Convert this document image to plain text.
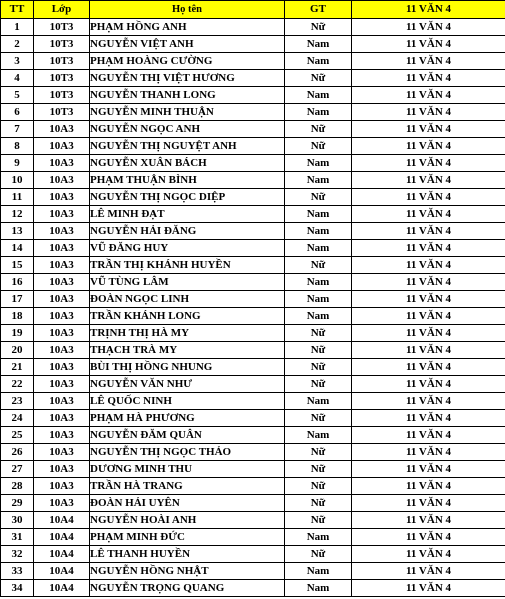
TT	Lớp	Họ tên	GT	11 VĂN 4
1	10T3	PHẠM HỒNG ANH	Nữ	11 VĂN 4
2	10T3	NGUYỄN VIỆT ANH	Nam	11 VĂN 4
3	10T3	PHẠM HOÀNG CƯỜNG	Nam	11 VĂN 4
4	10T3	NGUYỄN THỊ VIỆT HƯƠNG	Nữ	11 VĂN 4
5	10T3	NGUYỄN THANH LONG	Nam	11 VĂN 4
6	10T3	NGUYỄN MINH THUẬN	Nam	11 VĂN 4
7	10A3	NGUYỄN NGỌC ANH	Nữ	11 VĂN 4
8	10A3	NGUYỄN THỊ NGUYỆT ANH	Nữ	11 VĂN 4
9	10A3	NGUYỄN XUÂN BÁCH	Nam	11 VĂN 4
10	10A3	PHẠM THUẬN BÌNH	Nam	11 VĂN 4
11	10A3	NGUYỄN THỊ NGỌC DIỆP	Nữ	11 VĂN 4
12	10A3	LÊ MINH ĐẠT	Nam	11 VĂN 4
13	10A3	NGUYỄN HẢI ĐĂNG	Nam	11 VĂN 4
14	10A3	VŨ ĐĂNG HUY	Nam	11 VĂN 4
15	10A3	TRẦN THỊ KHÁNH HUYỀN	Nữ	11 VĂN 4
16	10A3	VŨ TÙNG LÂM	Nam	11 VĂN 4
17	10A3	ĐOÀN NGỌC LINH	Nam	11 VĂN 4
18	10A3	TRẦN KHÁNH LONG	Nam	11 VĂN 4
19	10A3	TRỊNH THỊ HÀ MY	Nữ	11 VĂN 4
20	10A3	THẠCH TRÀ MY	Nữ	11 VĂN 4
21	10A3	BÙI THỊ HỒNG NHUNG	Nữ	11 VĂN 4
22	10A3	NGUYỄN VĂN NHƯ	Nữ	11 VĂN 4
23	10A3	LÊ QUỐC NINH	Nam	11 VĂN 4
24	10A3	PHẠM HÀ PHƯƠNG	Nữ	11 VĂN 4
25	10A3	NGUYỄN ĐĂM QUÂN	Nam	11 VĂN 4
26	10A3	NGUYỄN THỊ NGỌC THẢO	Nữ	11 VĂN 4
27	10A3	DƯƠNG MINH THU	Nữ	11 VĂN 4
28	10A3	TRẦN HÀ TRANG	Nữ	11 VĂN 4
29	10A3	ĐOÀN HẢI UYÊN	Nữ	11 VĂN 4
30	10A4	NGUYỄN HOÀI ANH	Nữ	11 VĂN 4
31	10A4	PHẠM MINH ĐỨC	Nam	11 VĂN 4
32	10A4	LÊ THANH HUYỀN	Nữ	11 VĂN 4
33	10A4	NGUYỄN HỒNG NHẬT	Nam	11 VĂN 4
34	10A4	NGUYỄN TRỌNG QUANG	Nam	11 VĂN 4
